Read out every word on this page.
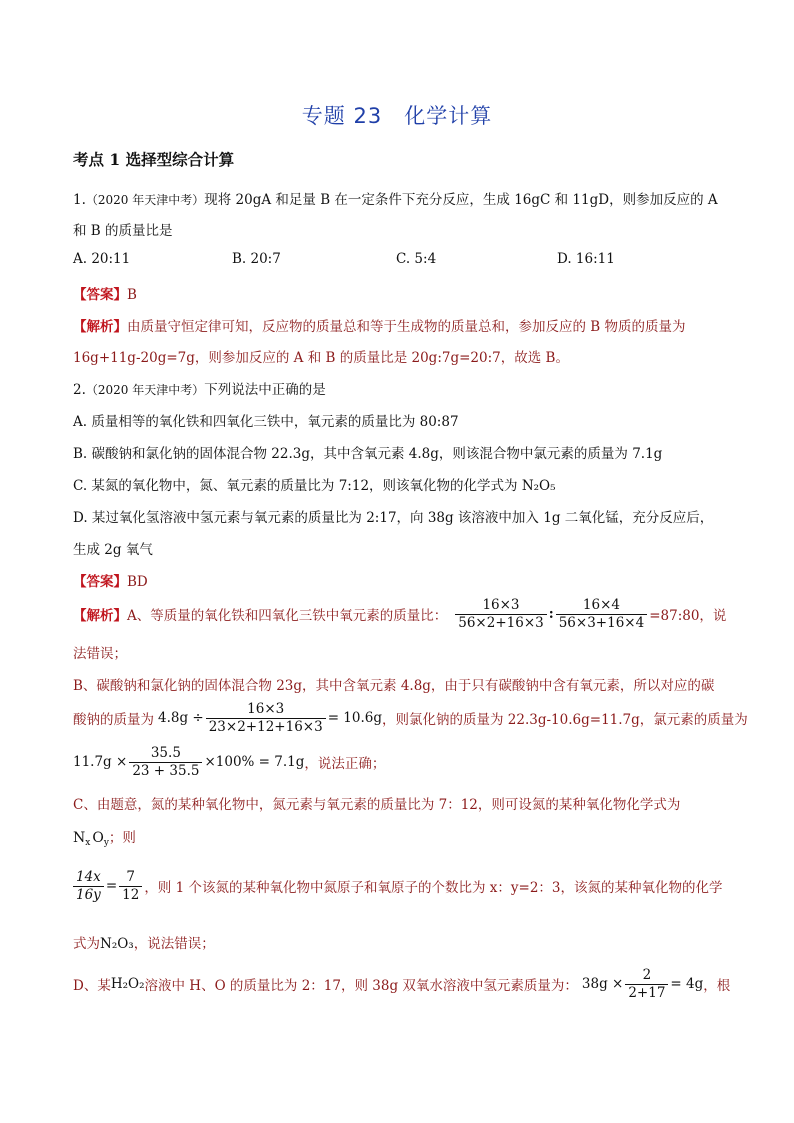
专题 23 化学计算
考点 1 选择型综合计算
1.（2020 年天津中考）现将 20gA 和足量 B 在一定条件下充分反应，生成 16gC 和 11gD，则参加反应的 A
和 B 的质量比是
A. 20:11	B. 20:7	C. 5:4	D. 16:11
【答案】B
【解析】由质量守恒定律可知，反应物的质量总和等于生成物的质量总和，参加反应的 B 物质的质量为
16g+11g-20g=7g，则参加反应的 A 和 B 的质量比是 20g:7g=20:7，故选 B。
2.（2020 年天津中考）下列说法中正确的是
A. 质量相等的氧化铁和四氧化三铁中，氧元素的质量比为 80:87
B. 碳酸钠和氯化钠的固体混合物 22.3g，其中含氧元素 4.8g，则该混合物中氯元素的质量为 7.1g
C. 某氮的氧化物中，氮、氧元素的质量比为 7:12，则该氧化物的化学式为 N₂O₅
D. 某过氧化氢溶液中氢元素与氧元素的质量比为 2:17，向 38g 该溶液中加入 1g 二氧化锰，充分反应后，
生成 2g 氧气
【答案】BD
【解析】 A、等质量的氧化铁和四氧化三铁中氧元素的质量比： $\frac{16\times 3}{56\times 2+16\times 3}$ : $\frac{16\times 4}{56\times 3+16\times 4}$ =87:80，说
法错误；
B、碳酸钠和氯化钠的固体混合物 23g，其中含氧元素 4.8g，由于只有碳酸钠中含有氧元素，所以对应的碳
酸钠的质量为 $4.8g \div \frac{16\times 3}{23\times 2+12+16\times 3} = 10.6g$ ，则氯化钠的质量为 22.3g-10.6g=11.7g，氯元素的质量为
$11.7g \times \frac{35.5}{23 + 35.5} \times 100\% = 7.1g$ ，说法正确；
C、由题意，氮的某种氧化物中，氮元素与氧元素的质量比为 7：12，则可设氮的某种氧化物化学式为
$N_x$ $O_y$；则
$\frac{14x}{16y} = \frac{7}{12}$ ，则 1 个该氮的某种氧化物中氮原子和氧原子的个数比为 x：y=2：3，该氮的某种氧化物的化学
式为N₂O₃，说法错误；
D、某 H₂O₂ 溶液中 H、O 的质量比为 2：17，则 38g 双氧水溶液中氢元素质量为： $38g \times \frac{2}{2+17} = 4g$ ，根
